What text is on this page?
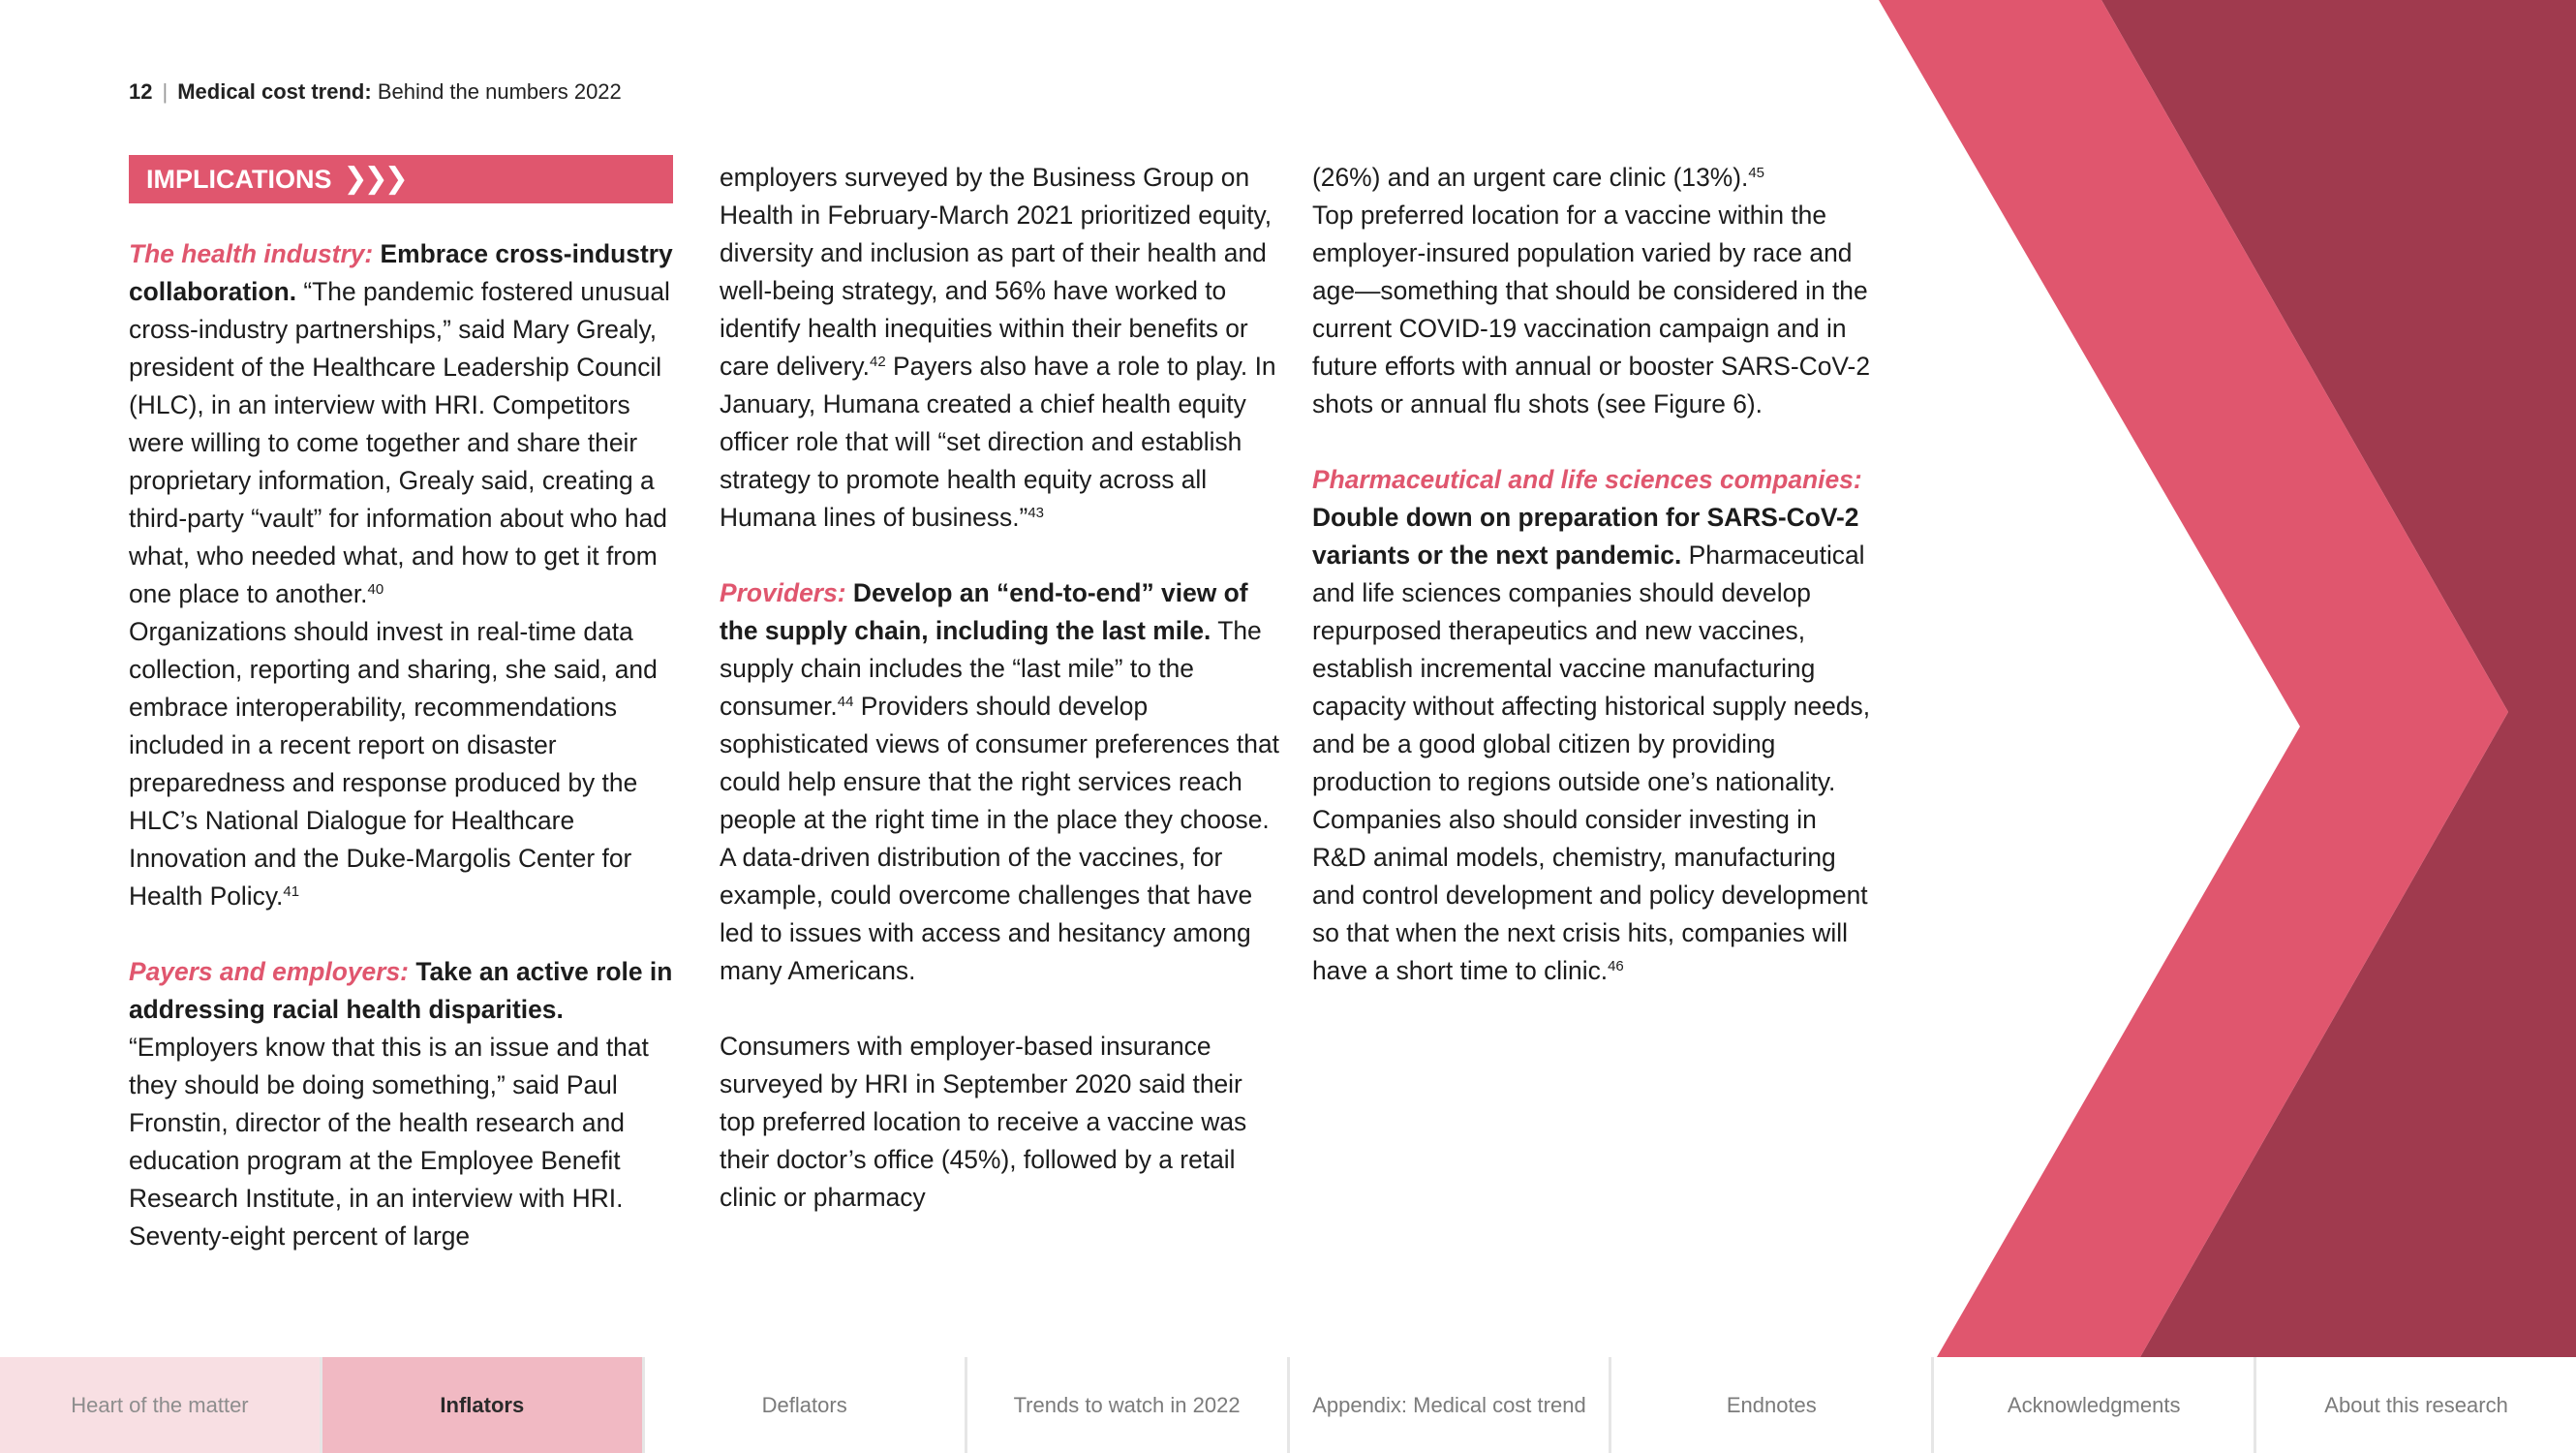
12 | Medical cost trend: Behind the numbers 2022
IMPLICATIONS ❯❯❯

The health industry: Embrace cross-industry collaboration. “The pandemic fostered unusual cross-industry partnerships,” said Mary Grealy, president of the Healthcare Leadership Council (HLC), in an interview with HRI. Competitors were willing to come together and share their proprietary information, Grealy said, creating a third-party “vault” for information about who had what, who needed what, and how to get it from one place to another.$^{40}$
Organizations should invest in real-time data collection, reporting and sharing, she said, and embrace interoperability, recommendations included in a recent report on disaster preparedness and response produced by the HLC’s National Dialogue for Healthcare Innovation and the Duke-Margolis Center for Health Policy.$^{41}$

Payers and employers: Take an active role in addressing racial health disparities. “Employers know that this is an issue and that they should be doing something,” said Paul Fronstin, director of the health research and education program at the Employee Benefit Research Institute, in an interview with HRI. Seventy-eight percent of large

employers surveyed by the Business Group on Health in February-March 2021 prioritized equity, diversity and inclusion as part of their health and well-being strategy, and 56% have worked to identify health inequities within their benefits or care delivery.$^{42}$ Payers also have a role to play. In January, Humana created a chief health equity officer role that will “set direction and establish strategy to promote health equity across all Humana lines of business.”$^{43}$

Providers: Develop an “end-to-end” view of the supply chain, including the last mile. The supply chain includes the “last mile” to the consumer.$^{44}$ Providers should develop sophisticated views of consumer preferences that could help ensure that the right services reach people at the right time in the place they choose. A data-driven distribution of the vaccines, for example, could overcome challenges that have led to issues with access and hesitancy among many Americans.

Consumers with employer-based insurance surveyed by HRI in September 2020 said their top preferred location to receive a vaccine was their doctor’s office (45%), followed by a retail clinic or pharmacy

(26%) and an urgent care clinic (13%).$^{45}$
Top preferred location for a vaccine within the employer-insured population varied by race and age—something that should be considered in the current COVID-19 vaccination campaign and in future efforts with annual or booster SARS-CoV-2 shots or annual flu shots (see Figure 6).

Pharmaceutical and life sciences companies: Double down on preparation for SARS-CoV-2 variants or the next pandemic. Pharmaceutical and life sciences companies should develop repurposed therapeutics and new vaccines, establish incremental vaccine manufacturing capacity without affecting historical supply needs, and be a good global citizen by providing production to regions outside one’s nationality. Companies also should consider investing in R&D animal models, chemistry, manufacturing and control development and policy development so that when the next crisis hits, companies will have a short time to clinic.$^{46}$

Heart of the matter	Inflators	Deflators	Trends to watch in 2022	Appendix: Medical cost trend	Endnotes	Acknowledgments	About this research
